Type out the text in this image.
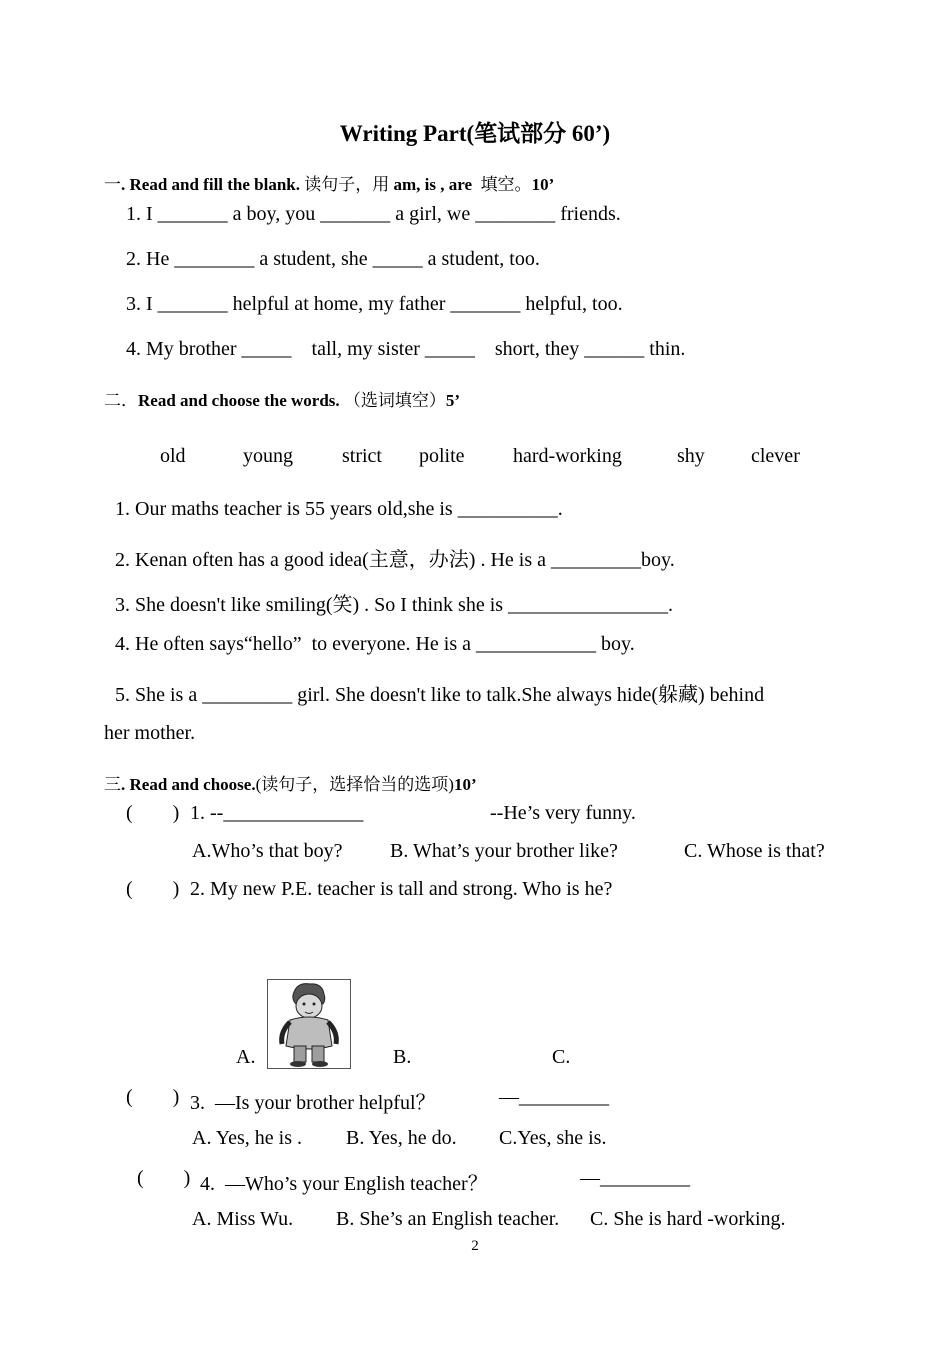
Writing Part(笔试部分 60’)
一. Read and fill the blank. 读句子，用 am, is , are  填空。10’
1. I _______ a boy, you _______ a girl, we ________ friends.
2. He ________ a student, she _____ a student, too.
3. I _______ helpful at home, my father _______ helpful, too.
4. My brother _____    tall, my sister _____    short, they ______ thin.
二．Read and choose the words. （选词填空）5’
old	young strict polite hard-working	shy clever
1. Our maths teacher is 55 years old,she is __________.
2. Kenan often has a good idea(主意，办法) . He is a _________boy.
3. She doesn't like smiling(笑) . So I think she is ________________.
4. He often says“hello”  to everyone. He is a ____________ boy.
5. She is a _________ girl. She doesn't like to talk.She always hide(躲藏) behind
her mother.
三. Read and choose.(读句子，选择恰当的选项)10’
(        ) 1. --______________	--He’s very funny.
A.Who’s that boy? B. What’s your brother like?	C. Whose is that?
(        ) 2. My new P.E. teacher is tall and strong. Who is he?
A.	B.	C.
(        ) 3.  —Is your brother helpful？	—_________
A. Yes, he is . B. Yes, he do. C.Yes, she is.
(        ) 4.  —Who’s your English teacher？	—_________
A. Miss Wu. B. She’s an English teacher. C. She is hard -working.
2
